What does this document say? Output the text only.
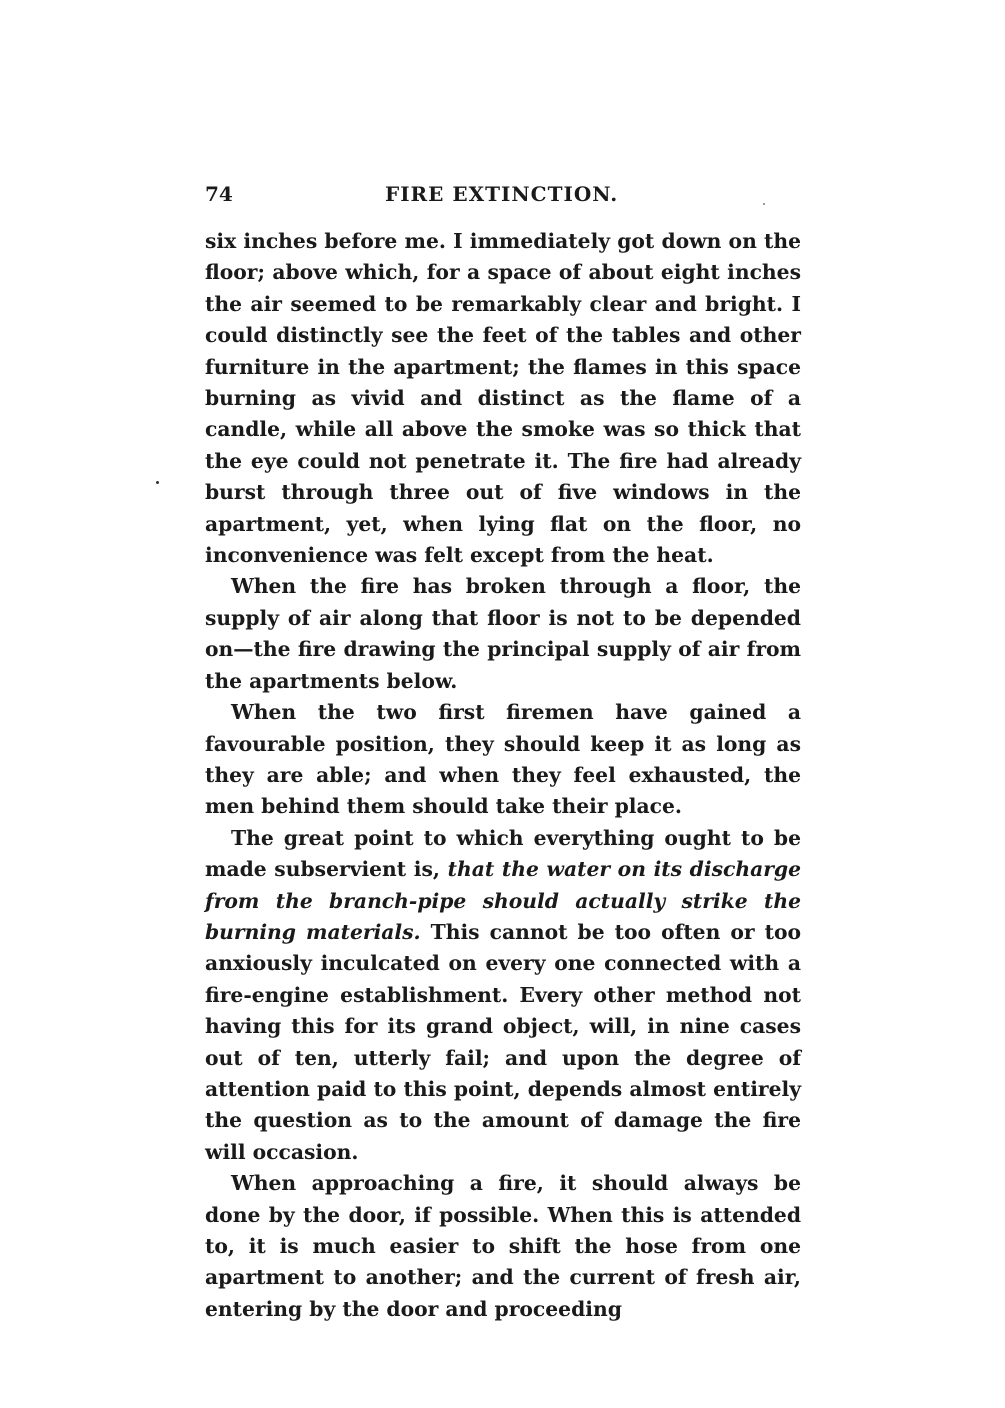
74	FIRE EXTINCTION.

six inches before me. I immediately got down on the floor; above which, for a space of about eight inches the air seemed to be remarkably clear and bright. I could distinctly see the feet of the tables and other furniture in the apartment; the flames in this space burning as vivid and distinct as the flame of a candle, while all above the smoke was so thick that the eye could not penetrate it. The fire had already burst through three out of five windows in the apartment, yet, when lying flat on the floor, no inconvenience was felt except from the heat.

When the fire has broken through a floor, the supply of air along that floor is not to be depended on—the fire drawing the principal supply of air from the apartments below.

When the two first firemen have gained a favourable position, they should keep it as long as they are able; and when they feel exhausted, the men behind them should take their place.

The great point to which everything ought to be made subservient is, that the water on its discharge from the branch-pipe should actually strike the burning materials. This cannot be too often or too anxiously inculcated on every one connected with a fire-engine establishment. Every other method not having this for its grand object, will, in nine cases out of ten, utterly fail; and upon the degree of attention paid to this point, depends almost entirely the question as to the amount of damage the fire will occasion.

When approaching a fire, it should always be done by the door, if possible. When this is attended to, it is much easier to shift the hose from one apartment to another; and the current of fresh air, entering by the door and proceeding
